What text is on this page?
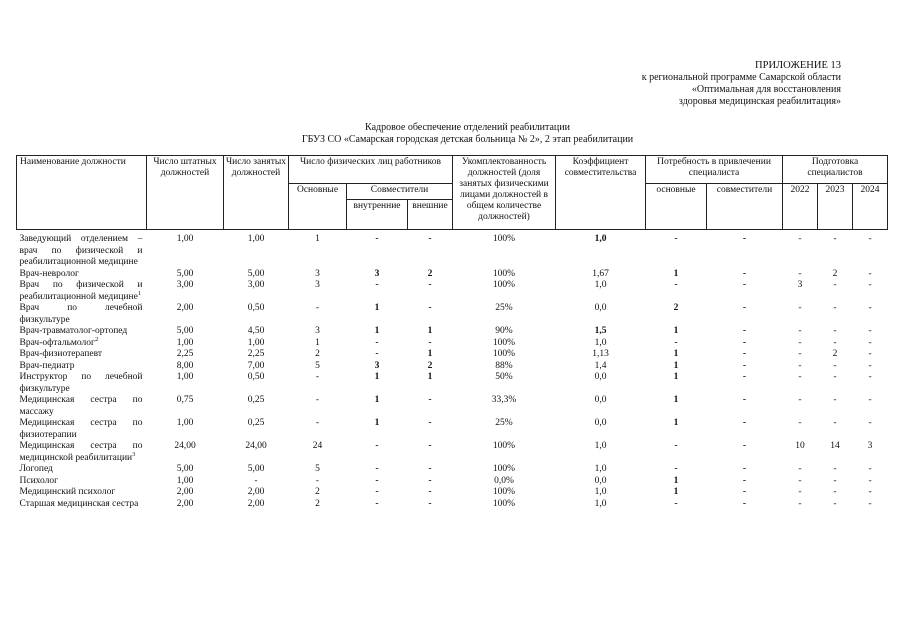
ПРИЛОЖЕНИЕ 13
к региональной программе Самарской области
«Оптимальная для восстановления
здоровья медицинская реабилитация»
Кадровое обеспечение отделений реабилитации
ГБУЗ СО «Самарская городская детская больница № 2», 2 этап реабилитации
Наименование должности	Число штатных должностей	Число занятых должностей	Число физических лиц работников			Укомплектованность должностей (доля занятых физическими лицами должностей в общем количестве должностей)	Коэффициент совместительства	Потребность в привлечении специалиста		Подготовка специалистов		
			Основные	Совместители				основные	совместители	2022	2023	2024
				внутренние	внешние							
Заведующий отделением – врач по физической и реабилитационной медицине	1,00	1,00	1	-	-	100%	1,0	-	-	-	-	-
Врач-невролог	5,00	5,00	3	3	2	100%	1,67	1	-	-	2	-
Врач по физической и реабилитационной медицине$^1$	3,00	3,00	3	-	-	100%	1,0	-	-	3	-	-
Врач по лечебной физкультуре	2,00	0,50	-	1	-	25%	0,0	2	-	-	-	-
Врач-травматолог-ортопед	5,00	4,50	3	1	1	90%	1,5	1	-	-	-	-
Врач-офтальмолог$^2$	1,00	1,00	1	-	-	100%	1,0	-	-	-	-	-
Врач-физиотерапевт	2,25	2,25	2	-	1	100%	1,13	1	-	-	2	-
Врач-педиатр	8,00	7,00	5	3	2	88%	1,4	1	-	-	-	-
Инструктор по лечебной физкультуре	1,00	0,50	-	1	1	50%	0,0	1	-	-	-	-
Медицинская сестра по массажу	0,75	0,25	-	1	-	33,3%	0,0	1	-	-	-	-
Медицинская сестра по физиотерапии	1,00	0,25	-	1	-	25%	0,0	1	-	-	-	-
Медицинская сестра по медицинской реабилитации$^3$	24,00	24,00	24	-	-	100%	1,0	-	-	10	14	3
Логопед	5,00	5,00	5	-	-	100%	1,0	-	-	-	-	-
Психолог	1,00	-	-	-	-	0,0%	0,0	1	-	-	-	-
Медицинский психолог	2,00	2,00	2	-	-	100%	1,0	1	-	-	-	-
Старшая медицинская сестра	2,00	2,00	2	-	-	100%	1,0	-	-	-	-	-
